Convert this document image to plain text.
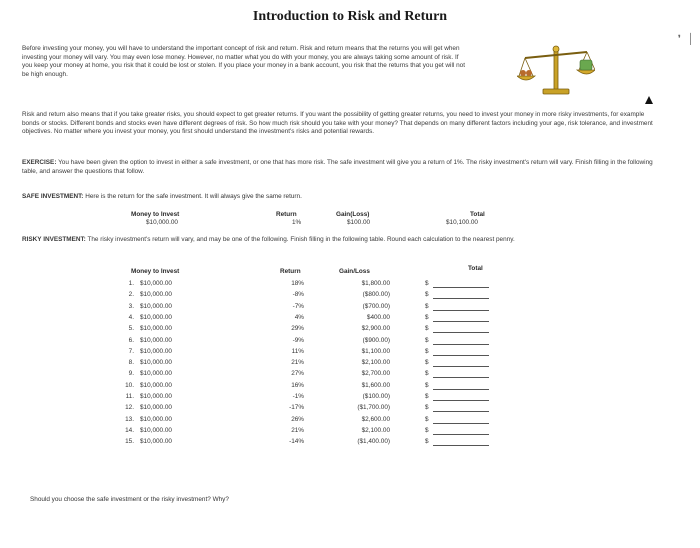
Introduction to Risk and Return
Before investing your money, you will have to understand the important concept of risk and return. Risk and return means that the returns you will get when investing your money will vary. You may even lose money. However, no matter what you do with your money, you are always taking some amount of risk. If you keep your money at home, you risk that it could be lost or stolen. If you place your money in a bank account, you risk that the returns that you get will not be high enough.
❜ │
Risk and return also means that if you take greater risks, you should expect to get greater returns. If you want the possibility of getting greater returns, you need to invest your money in more risky investments, for example bonds or stocks. Different bonds and stocks even have different degrees of risk. So how much risk should you take with your money? That depends on many different factors including your age, risk tolerance, and investment objectives. No matter where you invest your money, you first should understand the investment's risks and potential rewards.
EXERCISE: You have been given the option to invest in either a safe investment, or one that has more risk. The safe investment will give you a return of 1%. The risky investment's return will vary. Finish filling in the following table, and answer the questions that follow.
SAFE INVESTMENT: Here is the return for the safe investment. It will always give the same return.
Money to Invest	Return	Gain(Loss)	Total
$10,000.00	1%	$100.00	$10,100.00
RISKY INVESTMENT: The risky investment's return will vary, and may be one of the following. Finish filling in the following table. Round each calculation to the nearest penny.
Money to Invest	Return	Gain/Loss	Total
1. $10,000.00	18%	$1,800.00	$
2. $10,000.00	-8%	($800.00)	$
3. $10,000.00	-7%	($700.00)	$
4. $10,000.00	4%	$400.00	$
5. $10,000.00	29%	$2,900.00	$
6. $10,000.00	-9%	($900.00)	$
7. $10,000.00	11%	$1,100.00	$
8. $10,000.00	21%	$2,100.00	$
9. $10,000.00	27%	$2,700.00	$
10. $10,000.00	16%	$1,600.00	$
11. $10,000.00	-1%	($100.00)	$
12. $10,000.00	-17%	($1,700.00)	$
13. $10,000.00	26%	$2,600.00	$
14. $10,000.00	21%	$2,100.00	$
15. $10,000.00	-14%	($1,400.00)	$
Should you choose the safe investment or the risky investment? Why?
